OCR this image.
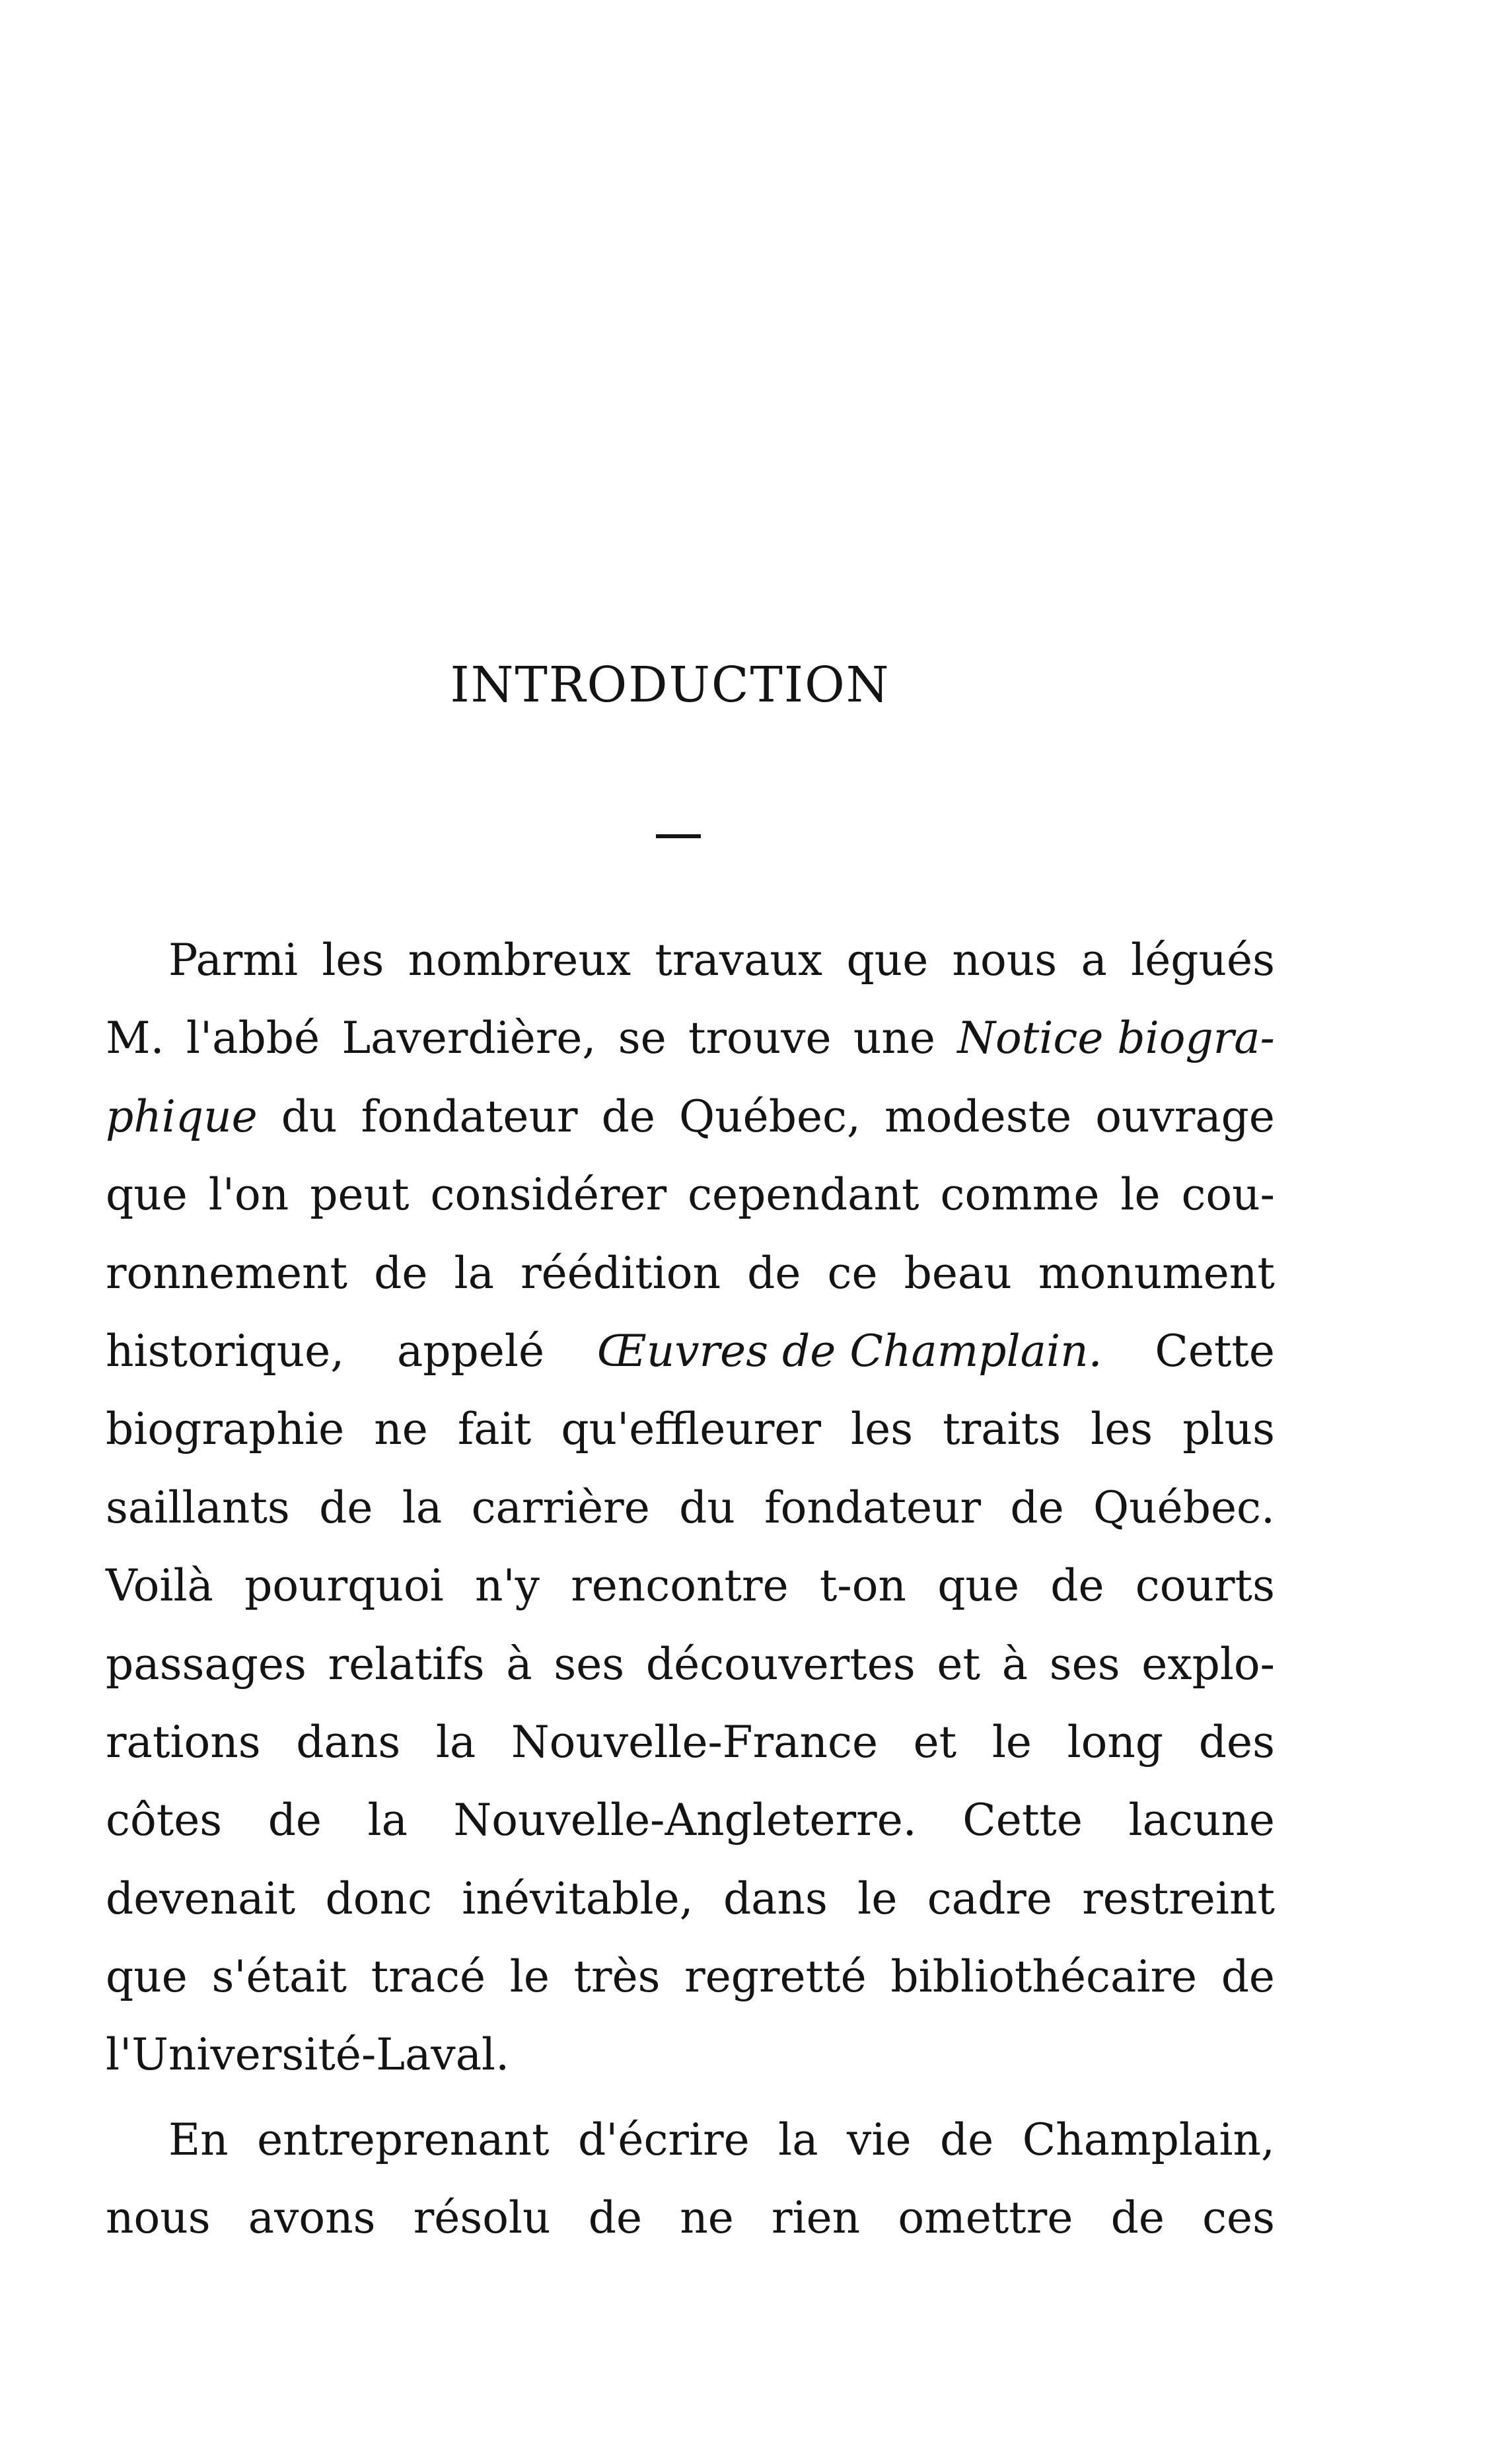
INTRODUCTION
Parmi les nombreux travaux que nous a légués
M. l'abbé Laverdière, se trouve une Notice biogra-
phique du fondateur de Québec, modeste ouvrage
que l'on peut considérer cependant comme le cou-
ronnement de la réédition de ce beau monument
historique, appelé Œuvres de Champlain. Cette
biographie ne fait qu'effleurer les traits les plus
saillants de la carrière du fondateur de Québec.
Voilà pourquoi n'y rencontre t-on que de courts
passages relatifs à ses découvertes et à ses explo-
rations dans la Nouvelle-France et le long des
côtes de la Nouvelle-Angleterre. Cette lacune
devenait donc inévitable, dans le cadre restreint
que s'était tracé le très regretté bibliothécaire de
l'Université-Laval.
En entreprenant d'écrire la vie de Champlain,
nous avons résolu de ne rien omettre de ces
